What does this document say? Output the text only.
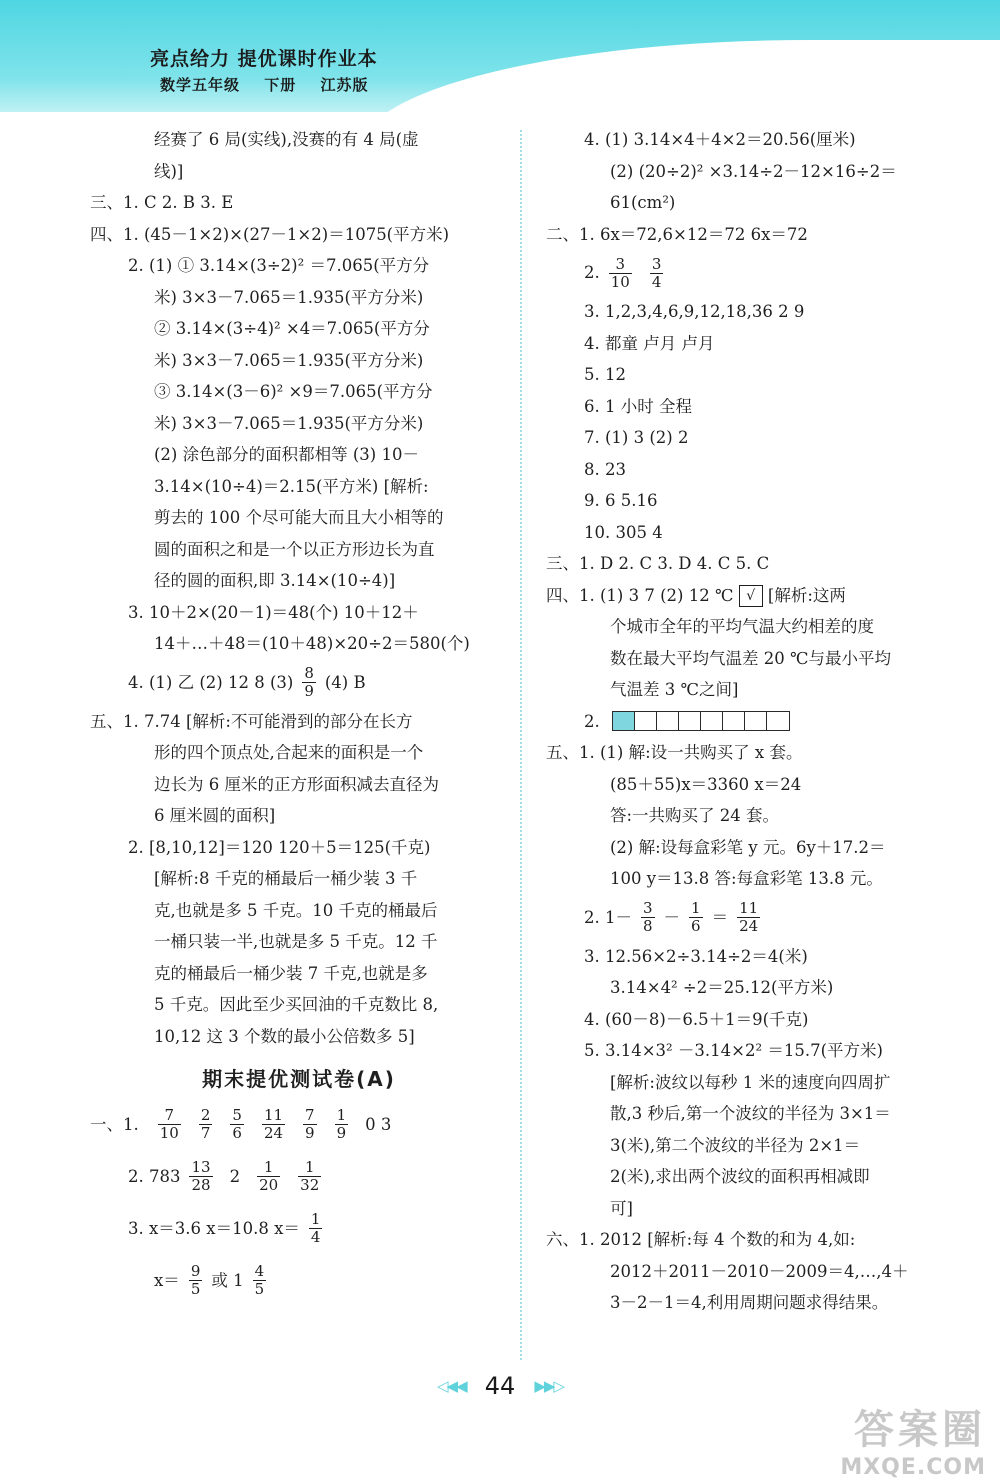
亮点给力 提优课时作业本
数学五年级 下册 江苏版
经赛了 6 局(实线),没赛的有 4 局(虚
线)]
三、1. C 2. B 3. E
四、1. (45－1×2)×(27－1×2)＝1075(平方米)
2. (1) ① 3.14×(3÷2)² ＝7.065(平方分
米) 3×3－7.065＝1.935(平方分米)
② 3.14×(3÷4)² ×4＝7.065(平方分
米) 3×3－7.065＝1.935(平方分米)
③ 3.14×(3－6)² ×9＝7.065(平方分
米) 3×3－7.065＝1.935(平方分米)
(2) 涂色部分的面积都相等 (3) 10－
3.14×(10÷4)＝2.15(平方米) [解析:
剪去的 100 个尽可能大而且大小相等的
圆的面积之和是一个以正方形边长为直
径的圆的面积,即 3.14×(10÷4)]
3. 10＋2×(20－1)＝48(个) 10＋12＋
14＋…＋48＝(10＋48)×20÷2＝580(个)
4. (1) 乙 (2) 12 8 $(3) \frac{8}{9} (4)$ B
五、1. 7.74 [解析:不可能滑到的部分在长方
形的四个顶点处,合起来的面积是一个
边长为 6 厘米的正方形面积减去直径为
6 厘米圆的面积]
2. [8,10,12]＝120 120＋5＝125(千克)
[解析:8 千克的桶最后一桶少装 3 千
克,也就是多 5 千克。10 千克的桶最后
一桶只装一半,也就是多 5 千克。12 千
克的桶最后一桶少装 7 千克,也就是多
5 千克。因此至少买回油的千克数比 8,
10,12 这 3 个数的最小公倍数多 5]
期末提优测试卷(A)
一、1. $\frac{7}{10} \frac{2}{7} \frac{5}{6} \frac{11}{24} \frac{7}{9} \frac{1}{9} 0$ 3
2. $783 \frac{13}{28} 2 \frac{1}{20} \frac{1}{32}$
3. x＝3.6 x＝10.8 $x= \frac{1}{4}$
$x= \frac{9}{5}$ 或 $1 \frac{4}{5}$
4. (1) 3.14×4＋4×2＝20.56(厘米)
(2) (20÷2)² ×3.14÷2－12×16÷2＝
61(cm²)
二、1. 6x＝72,6×12＝72 6x＝72
2. $\frac{3}{10} \frac{3}{4}$
3. 1,2,3,4,6,9,12,18,36 2 9
4. 都童 卢月 卢月
5. 12
6. 1 小时 全程
7. (1) 3 (2) 2
8. 23
9. 6 5.16
10. 305 4
三、1. D 2. C 3. D 4. C 5. C
四、1. (1) 3 7 (2) 12 ℃ √ [解析:这两
个城市全年的平均气温大约相差的度
数在最大平均气温差 20 ℃与最小平均
气温差 3 ℃之间]
2.
五、1. (1) 解:设一共购买了 x 套。
(85＋55)x＝3360 x＝24
答:一共购买了 24 套。
(2) 解:设每盒彩笔 y 元。6y＋17.2＝
100 y＝13.8 答:每盒彩笔 13.8 元。
2. $1- \frac{3}{8} - \frac{1}{6} = \frac{11}{24}$
3. 12.56×2÷3.14÷2＝4(米)
3.14×4² ÷2＝25.12(平方米)
4. (60－8)－6.5＋1＝9(千克)
5. 3.14×3² －3.14×2² ＝15.7(平方米)
[解析:波纹以每秒 1 米的速度向四周扩
散,3 秒后,第一个波纹的半径为 3×1＝
3(米),第二个波纹的半径为 2×1＝
2(米),求出两个波纹的面积再相减即
可]
六、1. 2012 [解析:每 4 个数的和为 4,如:
2012＋2011－2010－2009＝4,…,4＋
3－2－1＝4,利用周期问题求得结果。
◁◀◀ 44 ▶▶▷
答案圈
MXQE.COM
